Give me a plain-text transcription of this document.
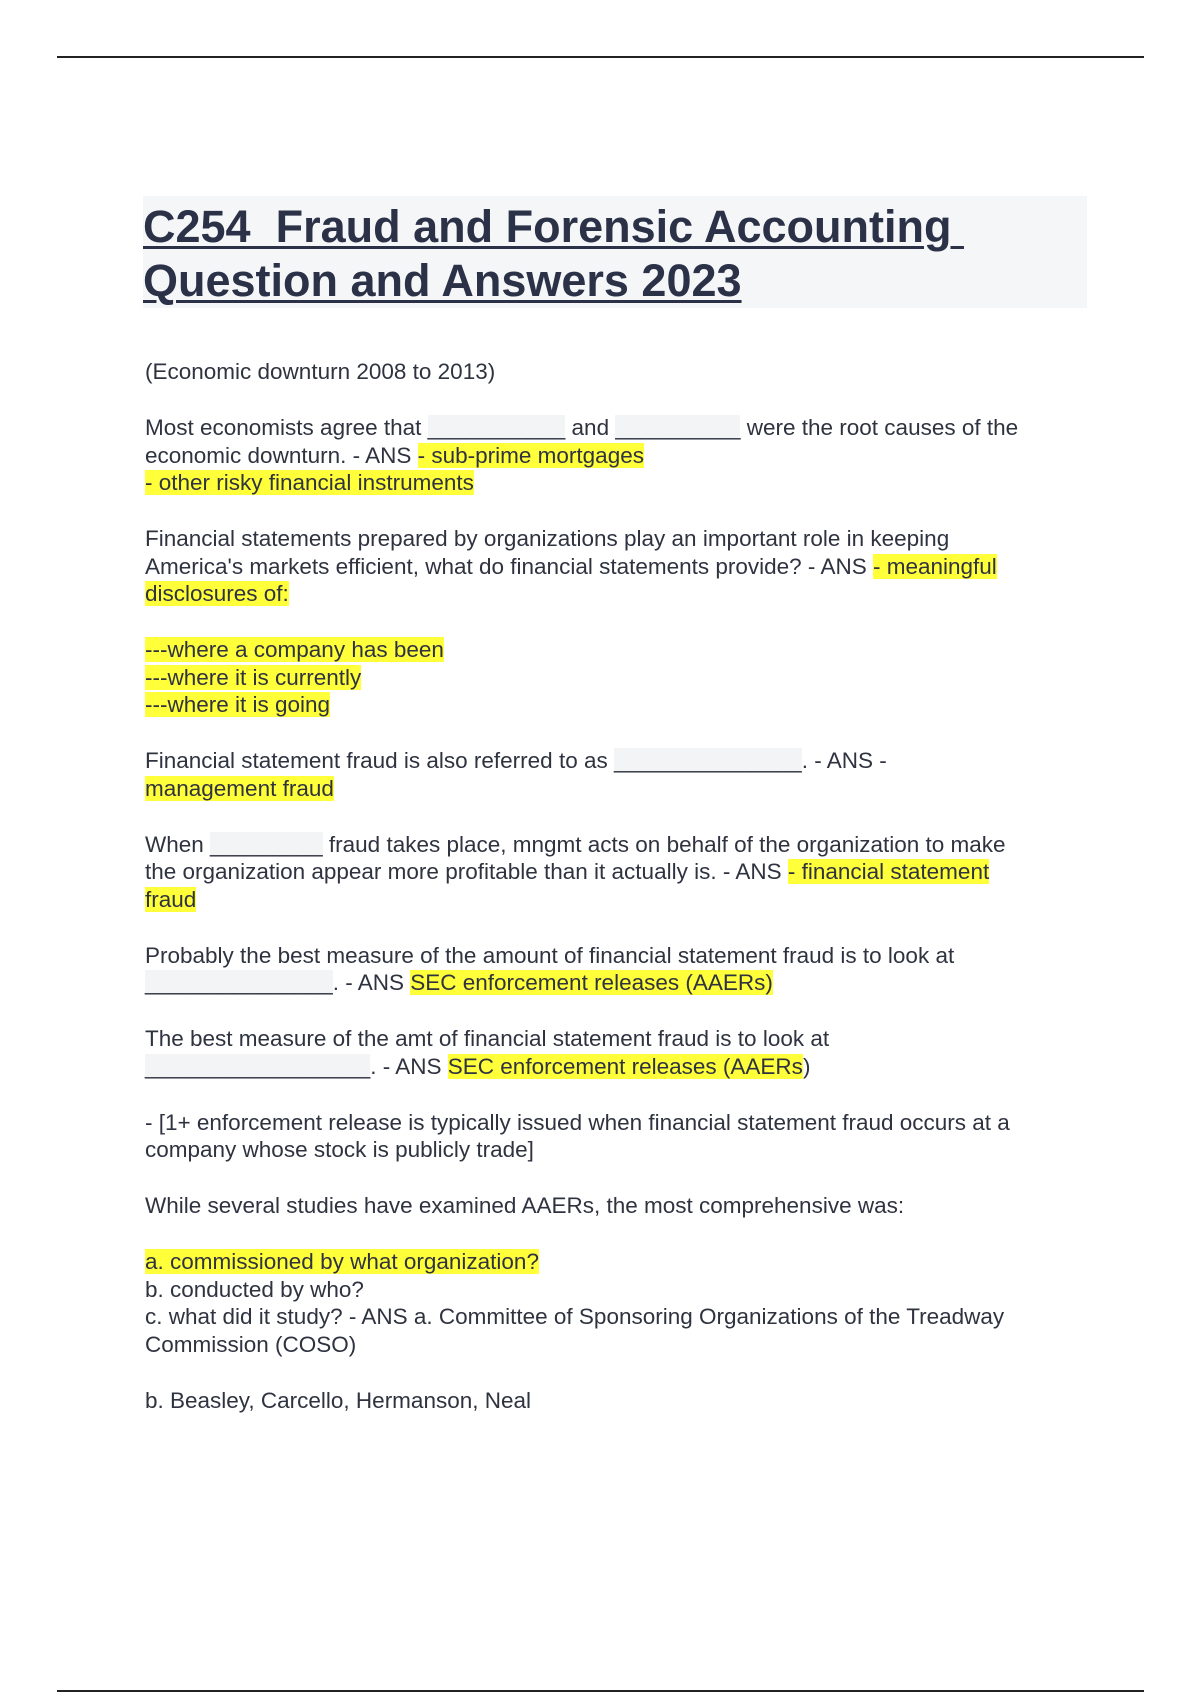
C254  Fraud and Forensic Accounting
Question and Answers 2023

(Economic downturn 2008 to 2013)

Most economists agree that ___________ and __________ were the root causes of the
economic downturn. - ANS - sub-prime mortgages
- other risky financial instruments

Financial statements prepared by organizations play an important role in keeping
America's markets efficient, what do financial statements provide? - ANS - meaningful
disclosures of:

---where a company has been
---where it is currently
---where it is going

Financial statement fraud is also referred to as _______________. - ANS -
management fraud

When _________ fraud takes place, mngmt acts on behalf of the organization to make
the organization appear more profitable than it actually is. - ANS - financial statement
fraud

Probably the best measure of the amount of financial statement fraud is to look at
_______________. - ANS SEC enforcement releases (AAERs)

The best measure of the amt of financial statement fraud is to look at
__________________. - ANS SEC enforcement releases (AAERs)

- [1+ enforcement release is typically issued when financial statement fraud occurs at a
company whose stock is publicly trade]

While several studies have examined AAERs, the most comprehensive was:

a. commissioned by what organization?
b. conducted by who?
c. what did it study? - ANS a. Committee of Sponsoring Organizations of the Treadway
Commission (COSO)

b. Beasley, Carcello, Hermanson, Neal
